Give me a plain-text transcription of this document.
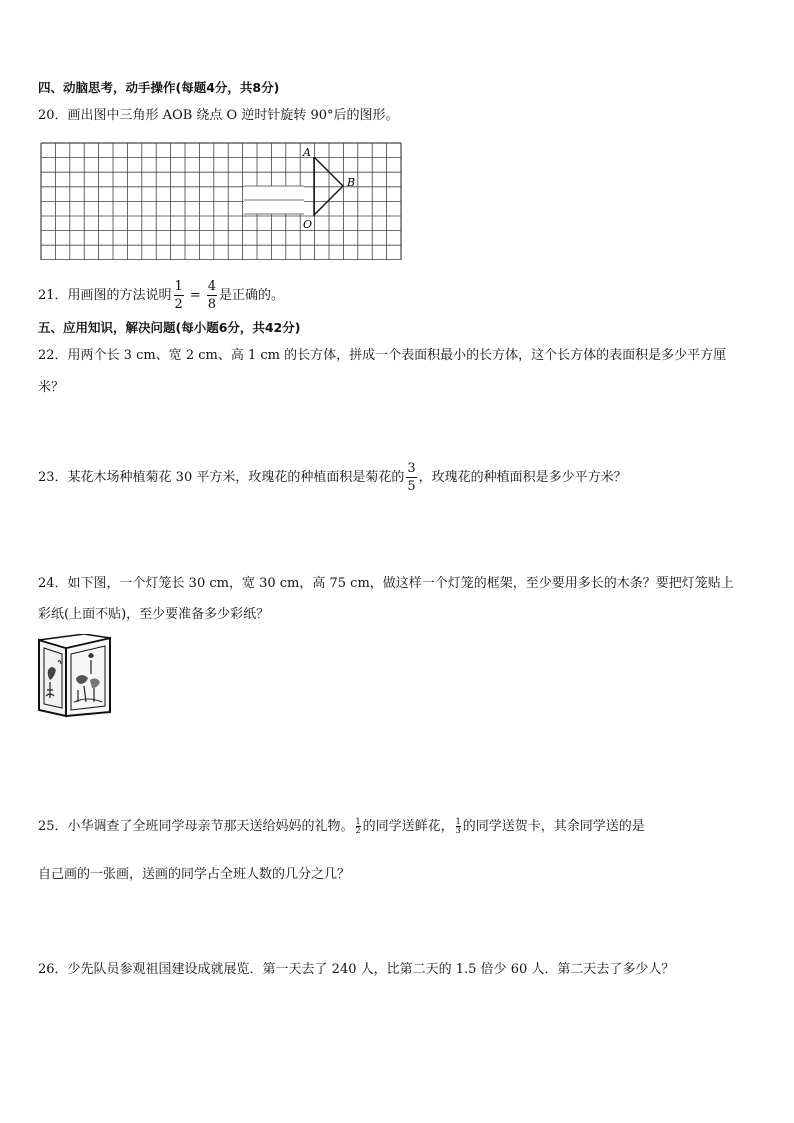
四、动脑思考，动手操作(每题4分，共8分)
20．画出图中三角形 AOB 绕点 O 逆时针旋转 90°后的图形。
A
B
O
21．用画图的方法说明 $\frac{1}{2} = \frac{4}{8}$ 是正确的。
五、应用知识，解决问题(每小题6分，共42分)
22．用两个长 3 cm、宽 2 cm、高 1 cm 的长方体，拼成一个表面积最小的长方体，这个长方体的表面积是多少平方厘
米？
23．某花木场种植菊花 30 平方米，玫瑰花的种植面积是菊花的 $\frac{3}{5}$ ，玫瑰花的种植面积是多少平方米？
24．如下图，一个灯笼长 30 cm，宽 30 cm，高 75 cm，做这样一个灯笼的框架，至少要用多长的木条？要把灯笼贴上
彩纸(上面不贴)，至少要准备多少彩纸？
25．小华调查了全班同学母亲节那天送给妈妈的礼物。 $\frac{1}{2}$ 的同学送鲜花， $\frac{1}{3}$ 的同学送贺卡，其余同学送的是
自己画的一张画，送画的同学占全班人数的几分之几？
26．少先队员参观祖国建设成就展览．第一天去了 240 人，比第二天的 1.5 倍少 60 人．第二天去了多少人？
